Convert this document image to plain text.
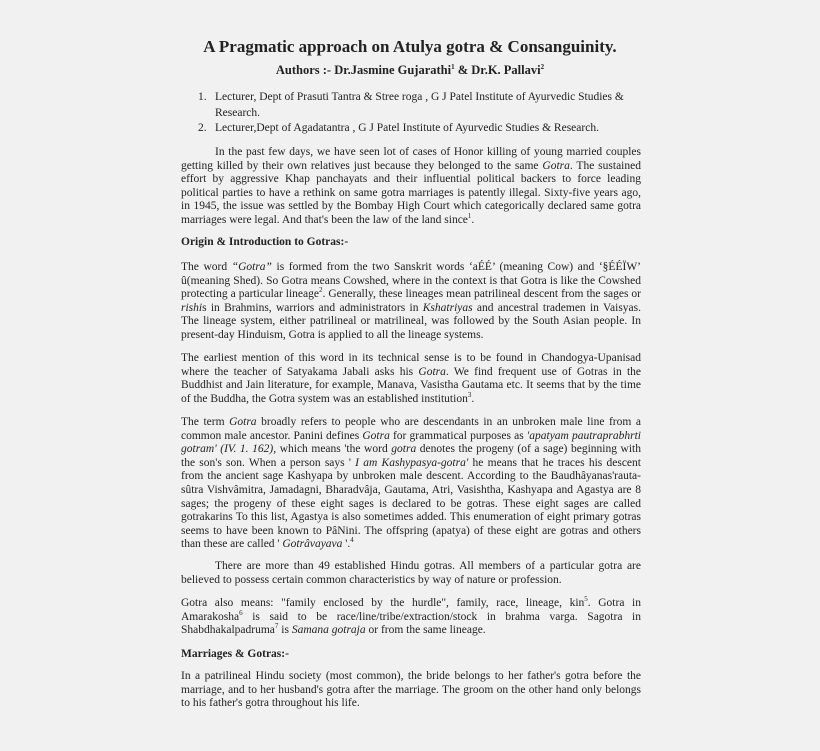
A Pragmatic approach on Atulya gotra & Consanguinity.

Authors :- Dr.Jasmine Gujarathi$^1$ & Dr.K. Pallavi$^2$

1. Lecturer, Dept of Prasuti Tantra & Stree roga , G J Patel Institute of Ayurvedic Studies & Research.

2. Lecturer,Dept of Agadatantra , G J Patel Institute of Ayurvedic Studies & Research.

In the past few days, we have seen lot of cases of Honor killing of young married couples getting killed by their own relatives just because they belonged to the same Gotra. The sustained effort by aggressive Khap panchayats and their influential political backers to force leading political parties to have a rethink on same gotra marriages is patently illegal. Sixty-five years ago, in 1945, the issue was settled by the Bombay High Court which categorically declared same gotra marriages were legal. And that's been the law of the land since$^1$.

Origin & Introduction to Gotras:-

The word “Gotra” is formed from the two Sanskrit words ‘aÉÉ’ (meaning Cow) and ‘§ÉÉÏW’ û(meaning Shed). So Gotra means Cowshed, where in the context is that Gotra is like the Cowshed protecting a particular lineage$^2$. Generally, these lineages mean patrilineal descent from the sages or rishis in Brahmins, warriors and administrators in Kshatriyas and ancestral trademen in Vaisyas. The lineage system, either patrilineal or matrilineal, was followed by the South Asian people. In present-day Hinduism, Gotra is applied to all the lineage systems.

The earliest mention of this word in its technical sense is to be found in Chandogya-Upanisad where the teacher of Satyakama Jabali asks his Gotra. We find frequent use of Gotras in the Buddhist and Jain literature, for example, Manava, Vasistha Gautama etc. It seems that by the time of the Buddha, the Gotra system was an established institution$^3$.

The term Gotra broadly refers to people who are descendants in an unbroken male line from a common male ancestor. Panini defines Gotra for grammatical purposes as 'apatyam pautraprabhrti gotram' (IV. 1. 162), which means 'the word gotra denotes the progeny (of a sage) beginning with the son's son. When a person says ' I am Kashypasya-gotra' he means that he traces his descent from the ancient sage Kashyapa by unbroken male descent. According to the Baudhâyanas'rauta-sûtra Vishvâmitra, Jamadagni, Bharadvâja, Gautama, Atri, Vasishtha, Kashyapa and Agastya are 8 sages; the progeny of these eight sages is declared to be gotras. These eight sages are called gotrakarins To this list, Agastya is also sometimes added. This enumeration of eight primary gotras seems to have been known to PâNini. The offspring (apatya) of these eight are gotras and others than these are called ' Gotrâvayava '.$^4$

There are more than 49 established Hindu gotras. All members of a particular gotra are believed to possess certain common characteristics by way of nature or profession.

Gotra also means: "family enclosed by the hurdle", family, race, lineage, kin$^5$. Gotra in Amarakosha$^6$ is said to be race/line/tribe/extraction/stock in brahma varga. Sagotra in Shabdhakalpadruma$^7$ is Samana gotraja or from the same lineage.

Marriages & Gotras:-

In a patrilineal Hindu society (most common), the bride belongs to her father's gotra before the marriage, and to her husband's gotra after the marriage. The groom on the other hand only belongs to his father's gotra throughout his life.
